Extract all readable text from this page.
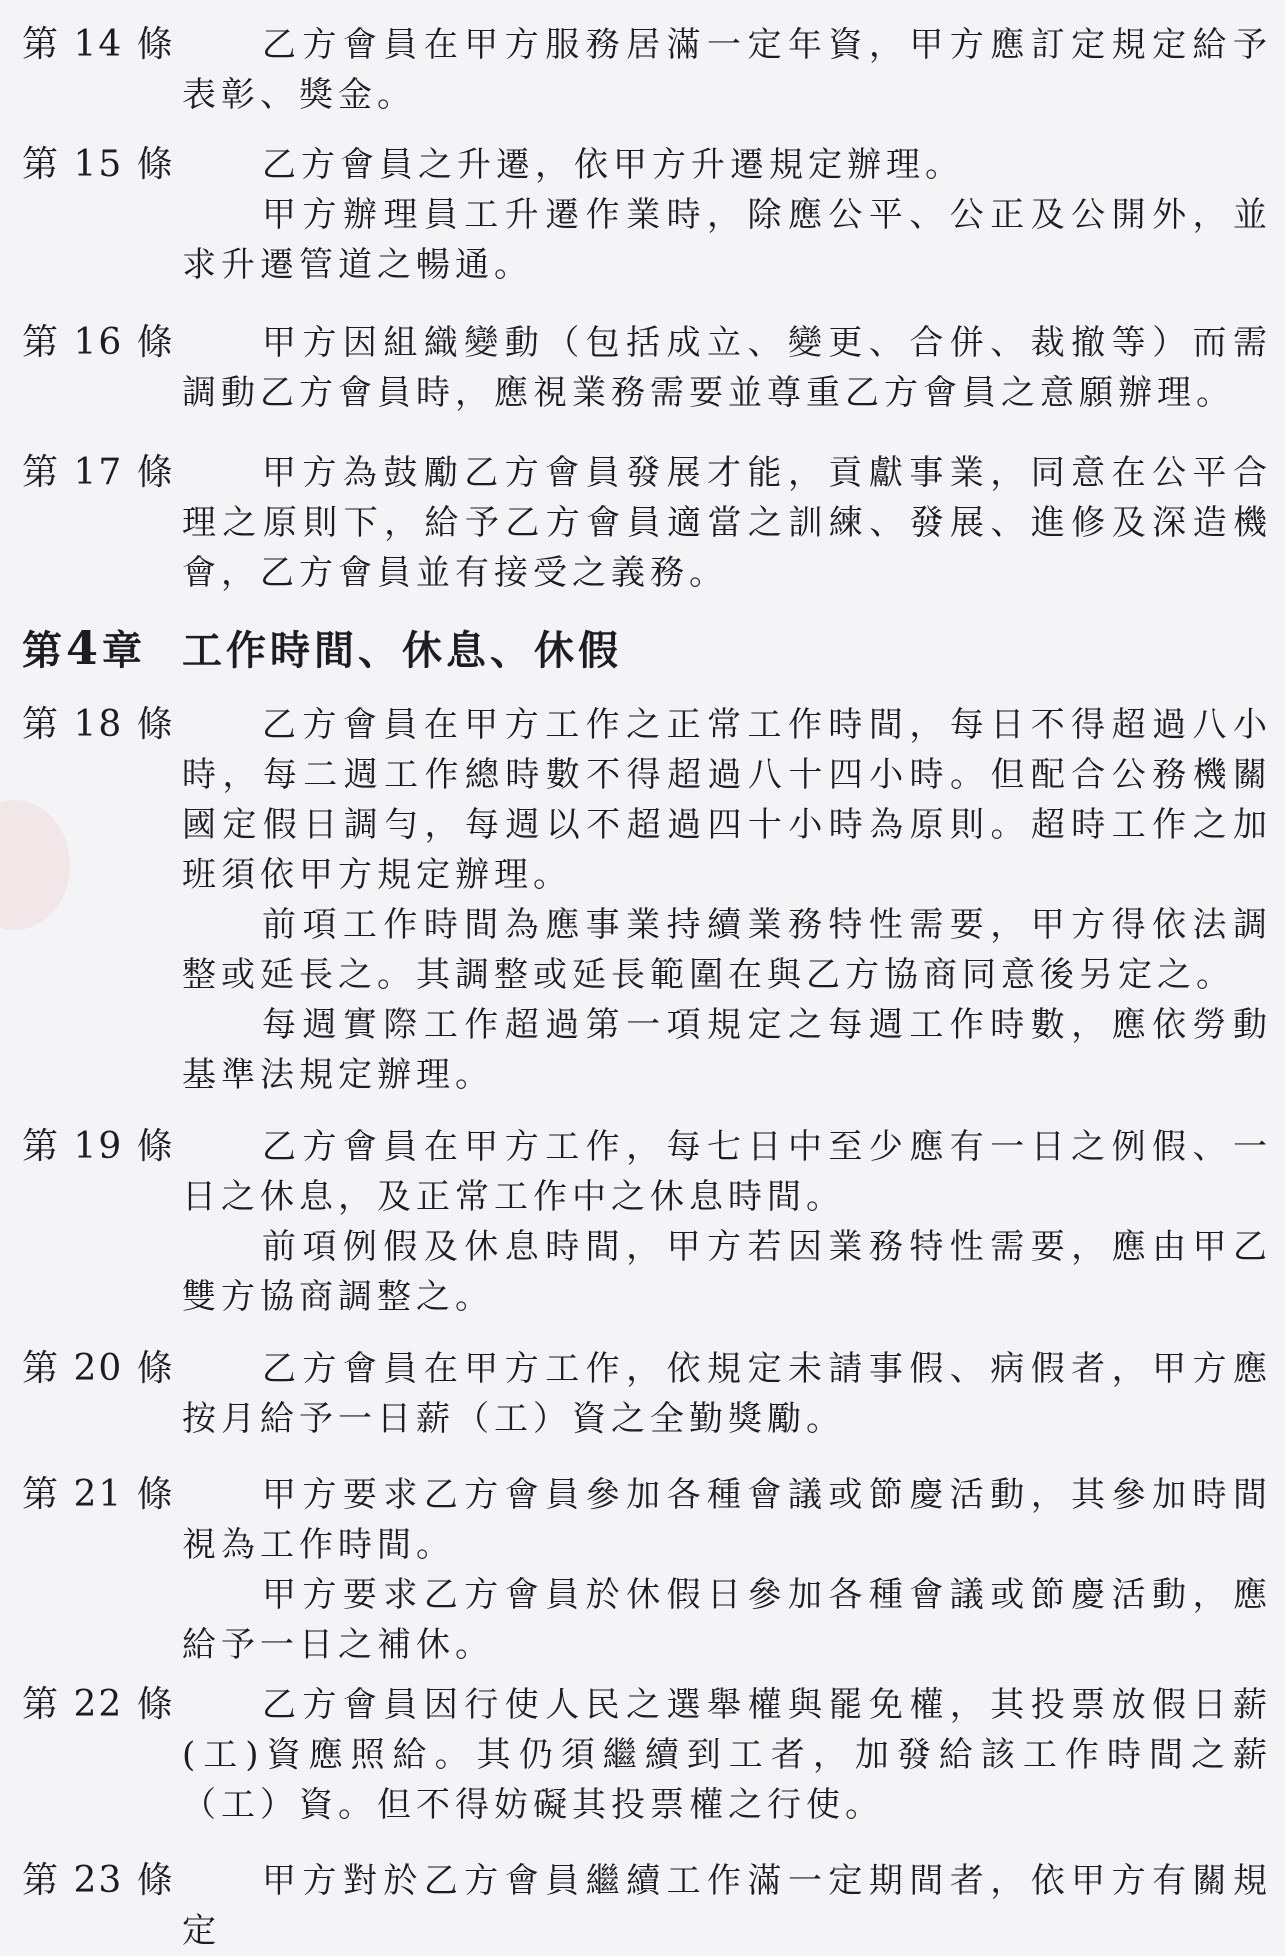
第 14 條	乙方會員在甲方服務居滿一定年資，甲方應訂定規定給予表彰、獎金。

第 15 條	乙方會員之升遷，依甲方升遷規定辦理。

甲方辦理員工升遷作業時，除應公平、公正及公開外，並求升遷管道之暢通。

第 16 條	甲方因組織變動（包括成立、變更、合併、裁撤等）而需調動乙方會員時，應視業務需要並尊重乙方會員之意願辦理。

第 17 條	甲方為鼓勵乙方會員發展才能，貢獻事業，同意在公平合理之原則下，給予乙方會員適當之訓練、發展、進修及深造機會，乙方會員並有接受之義務。

第4章 工作時間、休息、休假
第 18 條	乙方會員在甲方工作之正常工作時間，每日不得超過八小時，每二週工作總時數不得超過八十四小時。但配合公務機關國定假日調勻，每週以不超過四十小時為原則。超時工作之加班須依甲方規定辦理。

前項工作時間為應事業持續業務特性需要，甲方得依法調整或延長之。其調整或延長範圍在與乙方協商同意後另定之。

每週實際工作超過第一項規定之每週工作時數，應依勞動基準法規定辦理。

第 19 條	乙方會員在甲方工作，每七日中至少應有一日之例假、一日之休息，及正常工作中之休息時間。

前項例假及休息時間，甲方若因業務特性需要，應由甲乙雙方協商調整之。

第 20 條	乙方會員在甲方工作，依規定未請事假、病假者，甲方應按月給予一日薪（工）資之全勤獎勵。

第 21 條	甲方要求乙方會員參加各種會議或節慶活動，其參加時間視為工作時間。

甲方要求乙方會員於休假日參加各種會議或節慶活動，應給予一日之補休。

第 22 條	乙方會員因行使人民之選舉權與罷免權，其投票放假日薪(工)資應照給。其仍須繼續到工者，加發給該工作時間之薪（工）資。但不得妨礙其投票權之行使。

第 23 條	甲方對於乙方會員繼續工作滿一定期間者，依甲方有關規定
